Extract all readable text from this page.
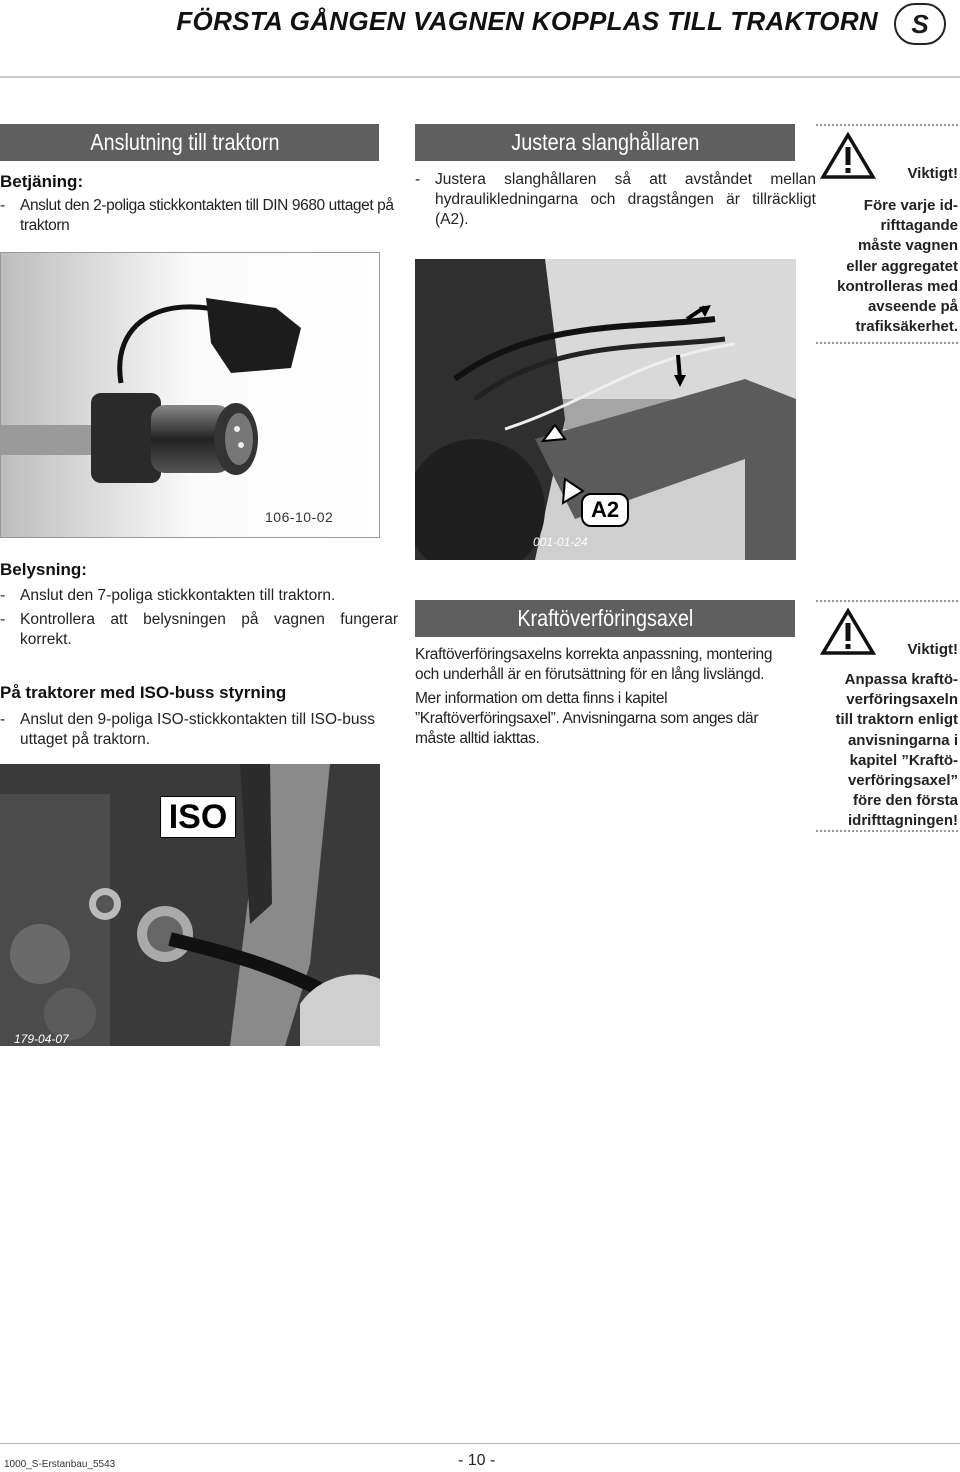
FÖRSTA GÅNGEN VAGNEN KOPPLAS TILL TRAKTORN	S
Anslutning till traktorn
Betjäning:
- Anslut den 2-poliga stickkontakten till DIN 9680 uttaget på traktorn
106-10-02
Belysning:
- Anslut den 7-poliga stickkontakten till traktorn.
- Kontrollera att belysningen på vagnen fungerar korrekt.
På traktorer med ISO-buss styrning
- Anslut den 9-poliga ISO-stickkontakten till ISO-buss uttaget på traktorn.
ISO
179-04-07
Justera slanghållaren
- Justera slanghållaren så att avståndet mellan hydraulikledningarna och dragstången är tillräckligt (A2).
A2
001-01-24
Kraftöverföringsaxel
Kraftöverföringsaxelns korrekta anpassning, montering och underhåll är en förutsättning för en lång livslängd.
Mer information om detta finns i kapitel ”Kraftöverföringsaxel”. Anvisningarna som anges där måste alltid iakttas.
Viktigt!
Före varje id-
rifttagande
måste vagnen
eller aggregatet
kontrolleras med
avseende på
trafiksäkerhet.
Viktigt!
Anpassa kraftö-
verföringsaxeln
till traktorn enligt
anvisningarna i
kapitel ”Kraftö-
verföringsaxel”
före den första
idrifttagningen!
1000_S-Erstanbau_5543	- 10 -
